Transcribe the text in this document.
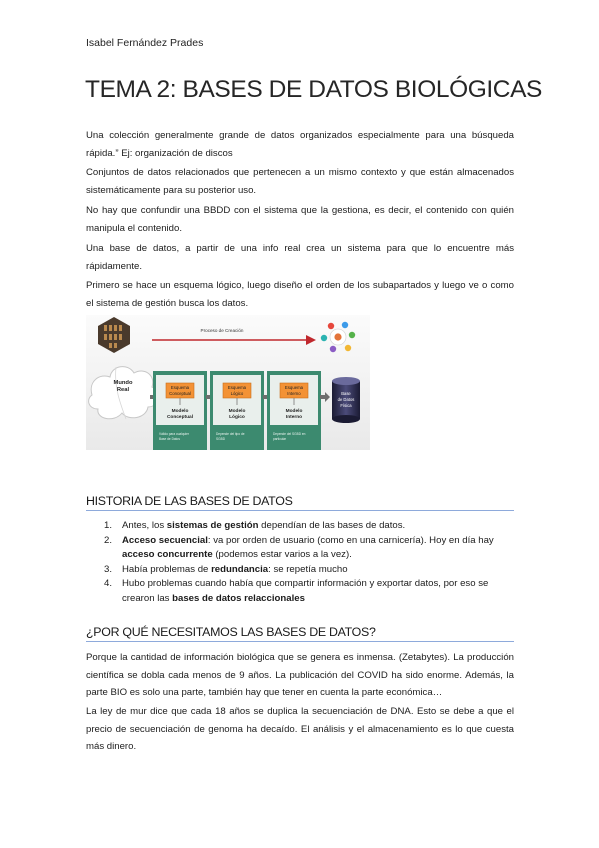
Isabel Fernández Prades
TEMA 2: BASES DE DATOS BIOLÓGICAS

Una colección generalmente grande de datos organizados especialmente para una búsqueda rápida.” Ej: organización de discos

Conjuntos de datos relacionados que pertenecen a un mismo contexto y que están almacenados sistemáticamente para su posterior uso.

No hay que confundir una BBDD con el sistema que la gestiona, es decir, el contenido con quién manipula el contenido.

Una base de datos, a partir de una info real crea un sistema para que lo encuentre más rápidamente.

Primero se hace un esquema lógico, luego diseño el orden de los subapartados y luego ve o como el sistema de gestión busca los datos.

Proceso de Creación
Mundo
Real	Esquema
Conceptual
Modelo
Conceptual
Válido para cualquier
Base de Datos
Esquema
Lógico
Modelo
Lógico
Depende del tipo de
SGBD
Esquema
Interno
Modelo
Interno
Depende del SGBD en
particular
Base
de Datos
Física
HISTORIA DE LAS BASES DE DATOS
1. Antes, los sistemas de gestión dependían de las bases de datos.
2. Acceso secuencial: va por orden de usuario (como en una carnicería). Hoy en día hay acceso concurrente (podemos estar varios a la vez).
3. Había problemas de redundancia: se repetía mucho
4. Hubo problemas cuando había que compartir información y exportar datos, por eso se crearon las bases de datos relaccionales
¿POR QUÉ NECESITAMOS LAS BASES DE DATOS?

Porque la cantidad de información biológica que se genera es inmensa. (Zetabytes). La producción científica se dobla cada menos de 9 años. La publicación del COVID ha sido enorme. Además, la parte BIO es solo una parte, también hay que tener en cuenta la parte económica…

La ley de mur dice que cada 18 años se duplica la secuenciación de DNA. Esto se debe a que el precio de secuenciación de genoma ha decaído. El análisis y el almacenamiento es lo que cuesta más dinero.
